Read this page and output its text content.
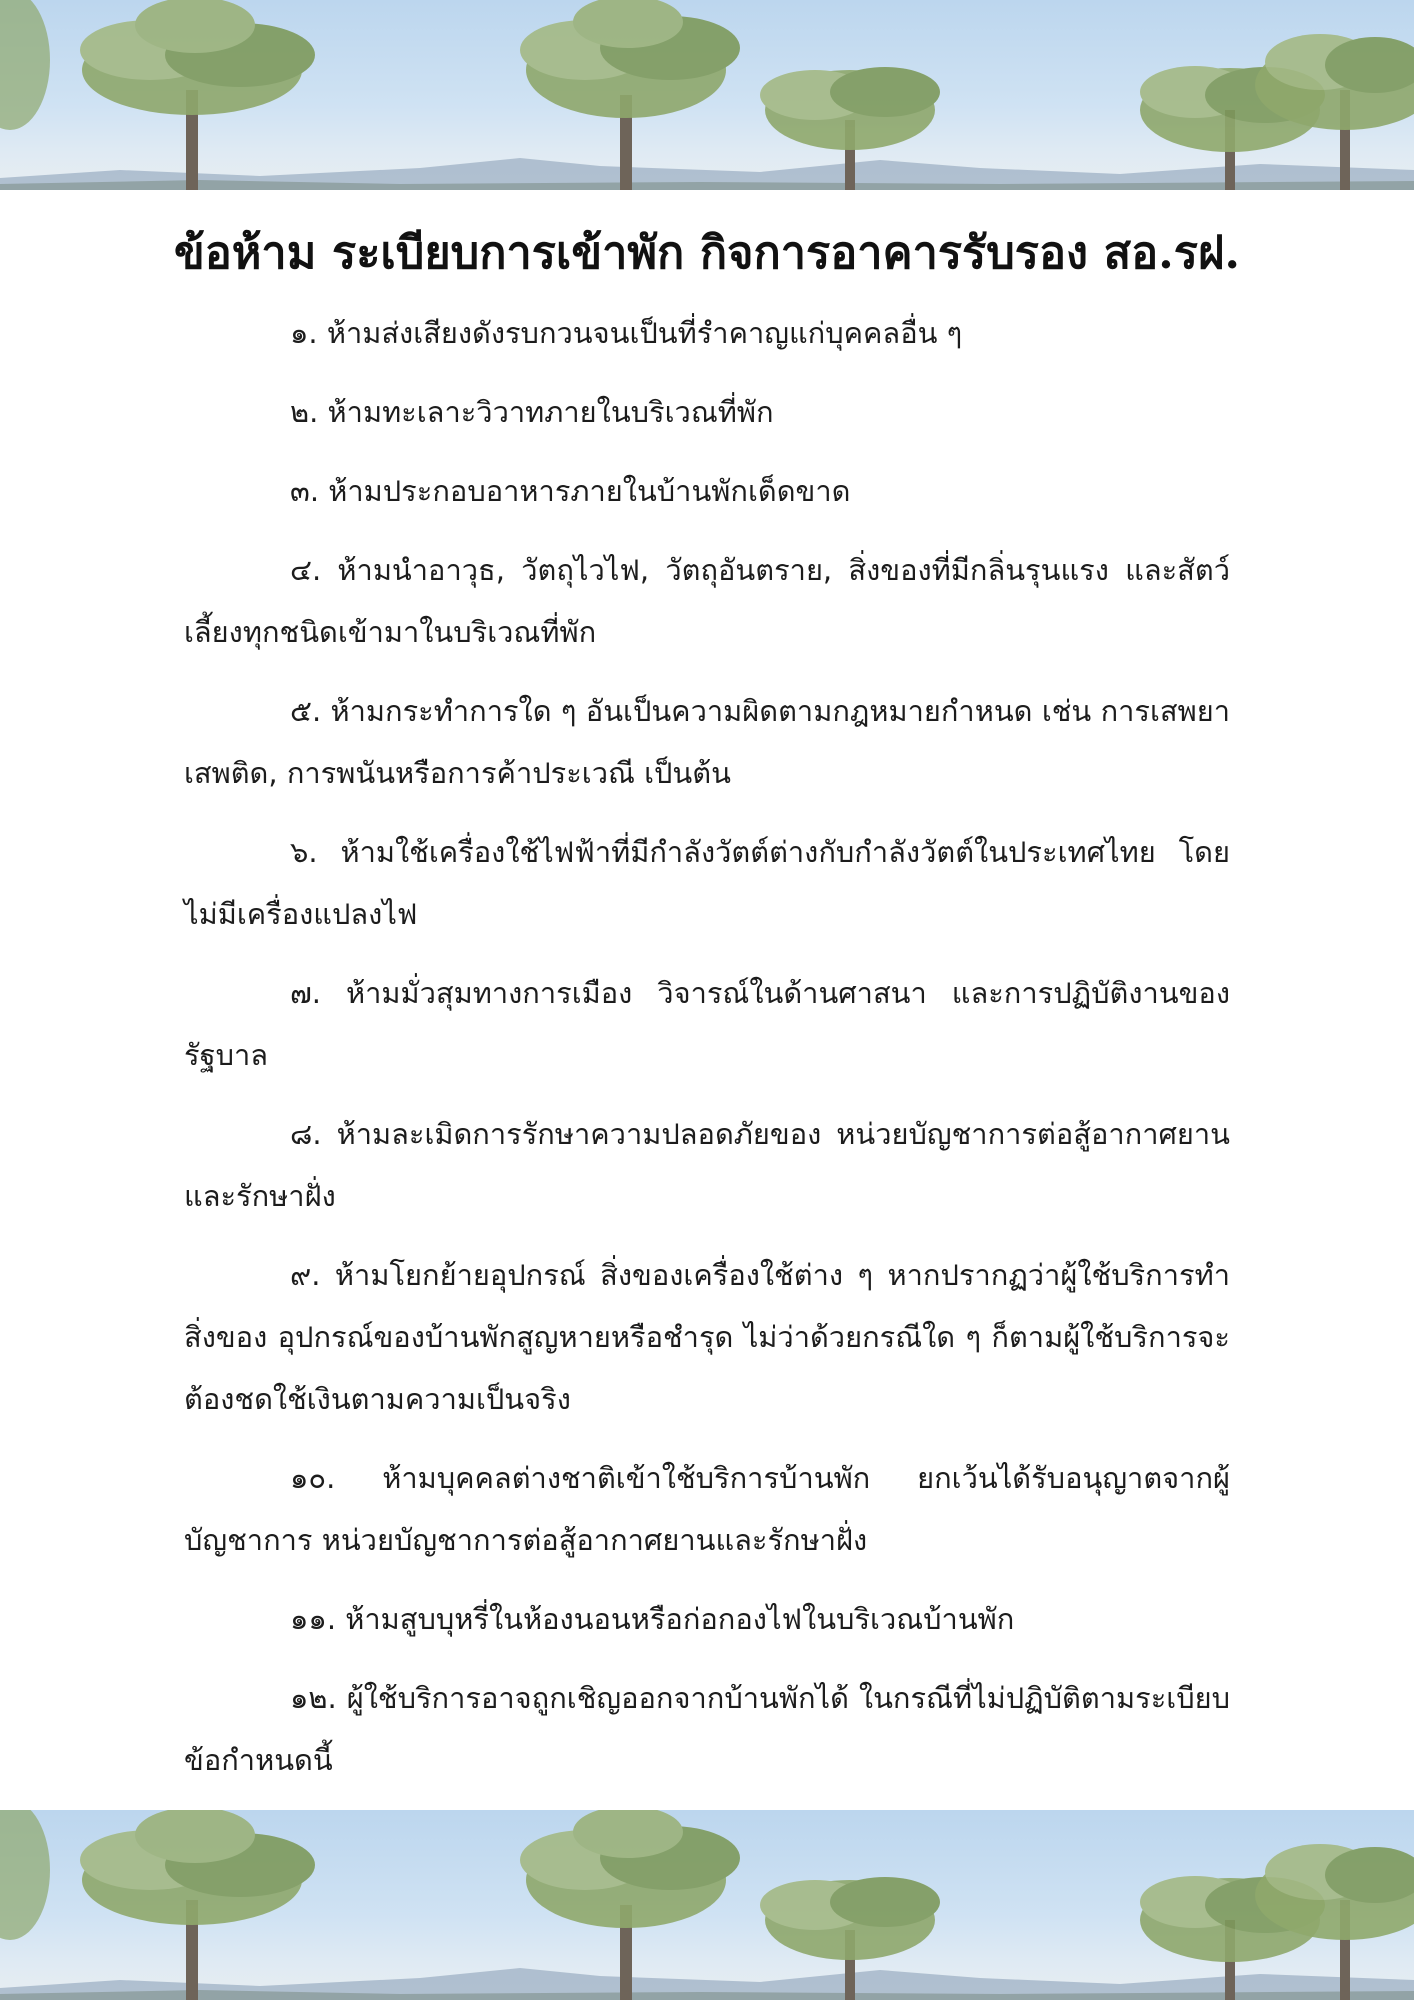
ข้อห้าม ระเบียบการเข้าพัก กิจการอาคารรับรอง สอ.รฝ.
๑. ห้ามส่งเสียงดังรบกวนจนเป็นที่รำคาญแก่บุคคลอื่น ๆ
๒. ห้ามทะเลาะวิวาทภายในบริเวณที่พัก
๓. ห้ามประกอบอาหารภายในบ้านพักเด็ดขาด
๔. ห้ามนำอาวุธ, วัตถุไวไฟ, วัตถุอันตราย, สิ่งของที่มีกลิ่นรุนแรง และสัตว์เลี้ยงทุกชนิดเข้ามาในบริเวณที่พัก
๕. ห้ามกระทำการใด ๆ อันเป็นความผิดตามกฎหมายกำหนด เช่น การเสพยาเสพติด, การพนันหรือการค้าประเวณี เป็นต้น
๖. ห้ามใช้เครื่องใช้ไฟฟ้าที่มีกำลังวัตต์ต่างกับกำลังวัตต์ในประเทศไทย โดยไม่มีเครื่องแปลงไฟ
๗. ห้ามมั่วสุมทางการเมือง วิจารณ์ในด้านศาสนา และการปฏิบัติงานของรัฐบาล
๘. ห้ามละเมิดการรักษาความปลอดภัยของ หน่วยบัญชาการต่อสู้อากาศยานและรักษาฝั่ง
๙. ห้ามโยกย้ายอุปกรณ์ สิ่งของเครื่องใช้ต่าง ๆ หากปรากฏว่าผู้ใช้บริการทำสิ่งของ อุปกรณ์ของบ้านพักสูญหายหรือชำรุด ไม่ว่าด้วยกรณีใด ๆ ก็ตามผู้ใช้บริการจะต้องชดใช้เงินตามความเป็นจริง
๑๐. ห้ามบุคคลต่างชาติเข้าใช้บริการบ้านพัก ยกเว้นได้รับอนุญาตจากผู้บัญชาการ หน่วยบัญชาการต่อสู้อากาศยานและรักษาฝั่ง
๑๑. ห้ามสูบบุหรี่ในห้องนอนหรือก่อกองไฟในบริเวณบ้านพัก
๑๒. ผู้ใช้บริการอาจถูกเชิญออกจากบ้านพักได้ ในกรณีที่ไม่ปฏิบัติตามระเบียบข้อกำหนดนี้
